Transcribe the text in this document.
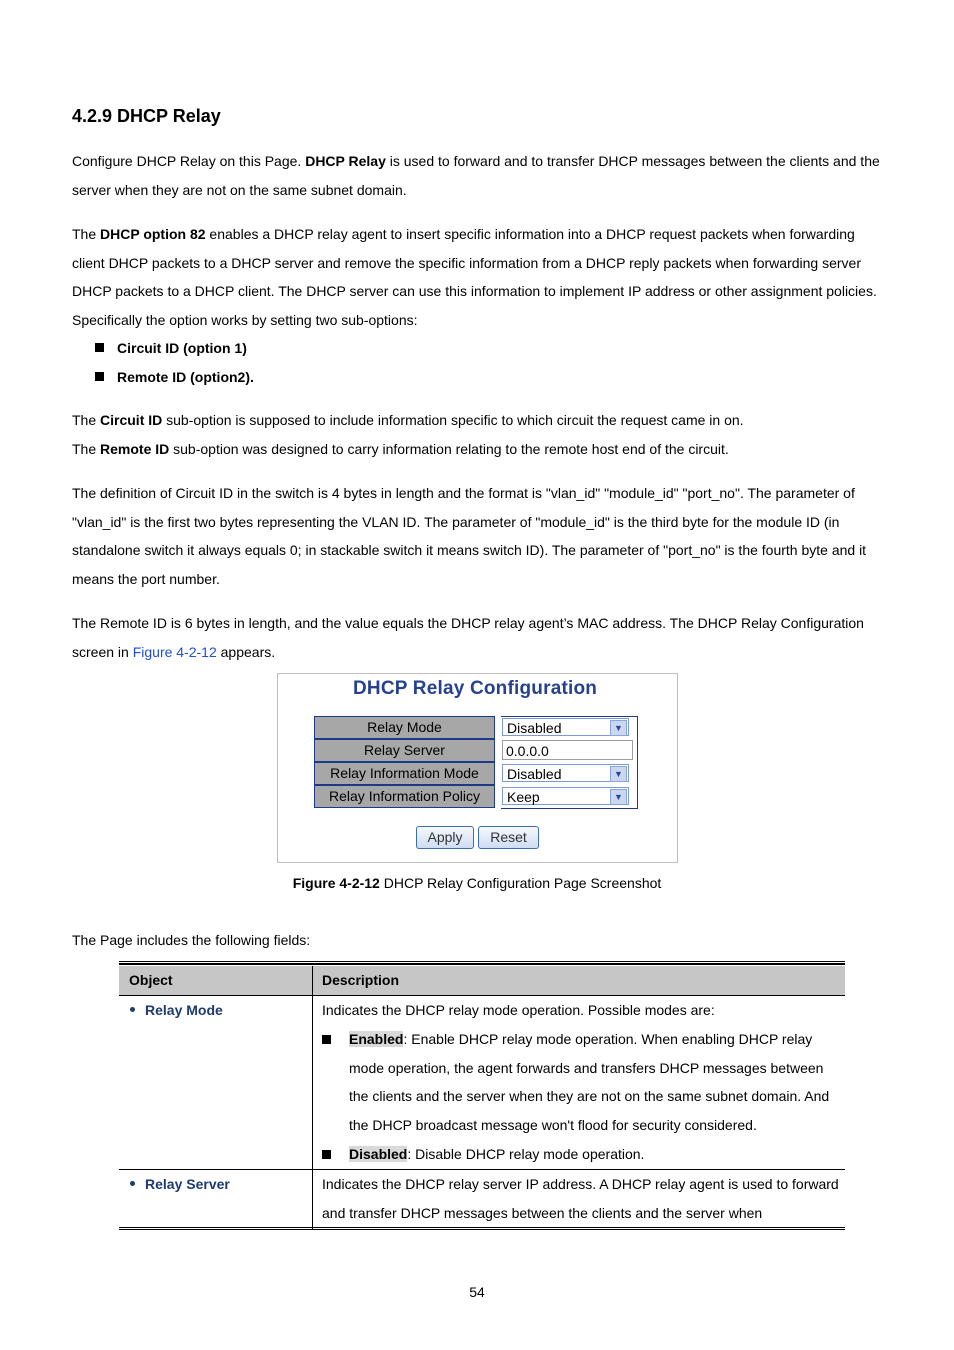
4.2.9 DHCP Relay
Configure DHCP Relay on this Page. DHCP Relay is used to forward and to transfer DHCP messages between the clients and the server when they are not on the same subnet domain.
The DHCP option 82 enables a DHCP relay agent to insert specific information into a DHCP request packets when forwarding client DHCP packets to a DHCP server and remove the specific information from a DHCP reply packets when forwarding server DHCP packets to a DHCP client. The DHCP server can use this information to implement IP address or other assignment policies. Specifically the option works by setting two sub-options:
Circuit ID (option 1)
Remote ID (option2).
The Circuit ID sub-option is supposed to include information specific to which circuit the request came in on.
The Remote ID sub-option was designed to carry information relating to the remote host end of the circuit.
The definition of Circuit ID in the switch is 4 bytes in length and the format is "vlan_id" "module_id" "port_no". The parameter of "vlan_id" is the first two bytes representing the VLAN ID. The parameter of "module_id" is the third byte for the module ID (in standalone switch it always equals 0; in stackable switch it means switch ID). The parameter of "port_no" is the fourth byte and it means the port number.
The Remote ID is 6 bytes in length, and the value equals the DHCP relay agent’s MAC address. The DHCP Relay Configuration screen in Figure 4-2-12 appears.
DHCP Relay Configuration
Relay Mode	Disabled	▼
Relay Server	0.0.0.0
Relay Information Mode	Disabled	▼
Relay Information Policy	Keep	▼
Apply	Reset
Figure 4-2-12 DHCP Relay Configuration Page Screenshot
The Page includes the following fields:
Object	Description
Relay Mode	Indicates the DHCP relay mode operation. Possible modes are:
Enabled: Enable DHCP relay mode operation. When enabling DHCP relay mode operation, the agent forwards and transfers DHCP messages between the clients and the server when they are not on the same subnet domain. And the DHCP broadcast message won't flood for security considered.
Disabled: Disable DHCP relay mode operation.
Relay Server	Indicates the DHCP relay server IP address. A DHCP relay agent is used to forward and transfer DHCP messages between the clients and the server when
54
